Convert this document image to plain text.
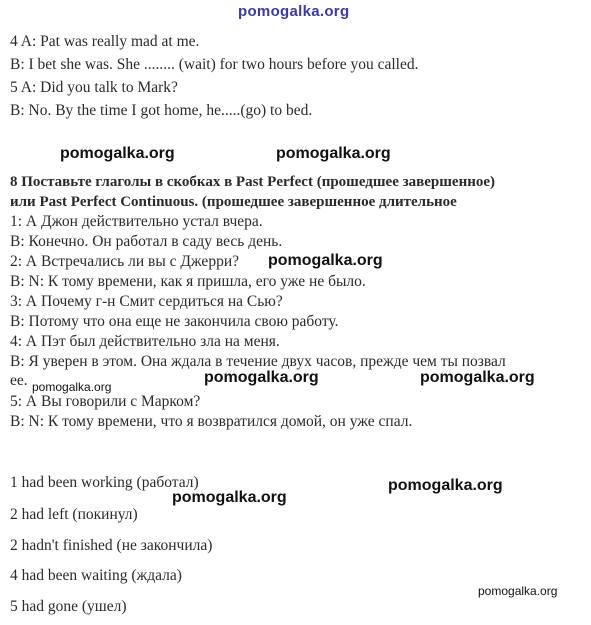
pomogalka.org
4 A: Pat was really mad at me.
B: I bet she was. She ........ (wait) for two hours before you called.
5 A: Did you talk to Mark?
B: No. By the time I got home, he.....(go) to bed.
pomogalka.org	pomogalka.org
8 Поставьте глаголы в скобках в Past Perfect (прошедшее завершенное)
или Past Perfect Continuous. (прошедшее завершенное длительное
1: А Джон действительно устал вчера.
В: Конечно. Он работал в саду весь день.
2: А Встречались ли вы с Джерри?
В: N: К тому времени, как я пришла, его уже не было.
3: А Почему г-н Смит сердиться на Сью?
В: Потому что она еще не закончила свою работу.
4: А Пэт был действительно зла на меня.
В: Я уверен в этом. Она ждала в течение двух часов, прежде чем ты позвал
ее.
5: А Вы говорили с Марком?
В: N: К тому времени, что я возвратился домой, он уже спал.
pomogalka.org
pomogalka.org
pomogalka.org	pomogalka.org
1 had been working (работал)	pomogalka.org
pomogalka.org
2 had left (покинул)
2 hadn't finished (не закончила)
4 had been waiting (ждала)
pomogalka.org
5 had gone (ушел)
